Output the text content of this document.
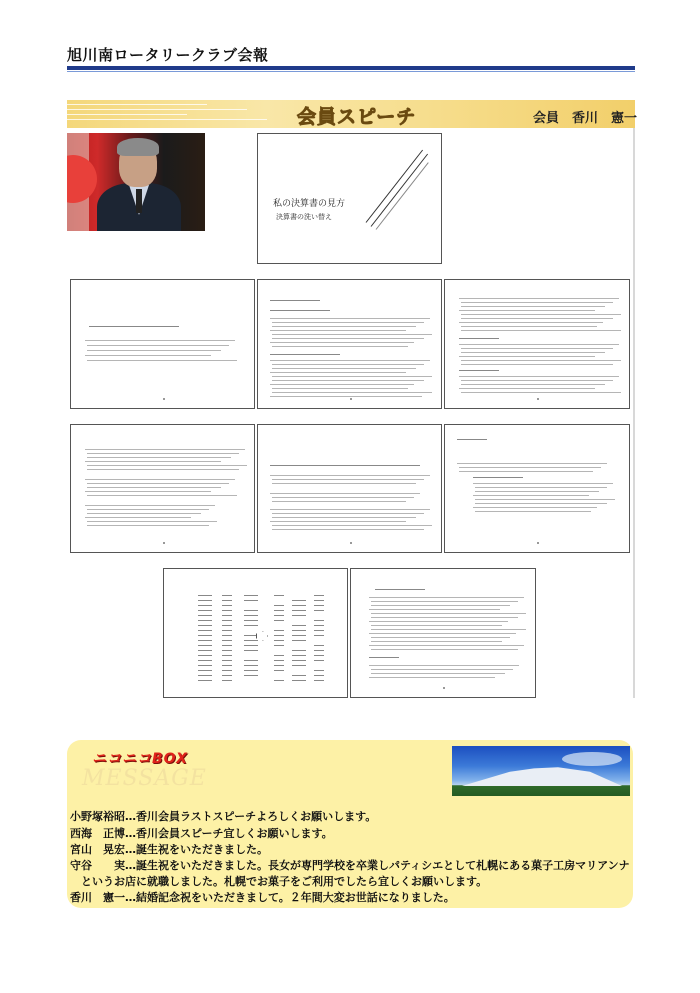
旭川南ロータリークラブ会報
会員スピーチ	会員　香川　憲一
私の決算書の見方
決算書の洗い替え
MESSAGE
ニコニコBOX
小野塚裕昭…香川会員ラストスピーチよろしくお願いします。
西海　正博…香川会員スピーチ宜しくお願いします。
宮山　晃宏…誕生祝をいただきました。
守谷　　実…誕生祝をいただきました。長女が専門学校を卒業しパティシエとして札幌にある菓子工房マリアンナ
　というお店に就職しました。札幌でお菓子をご利用でしたら宜しくお願いします。
香川　憲一…結婚記念祝をいただきまして。２年間大変お世話になりました。
